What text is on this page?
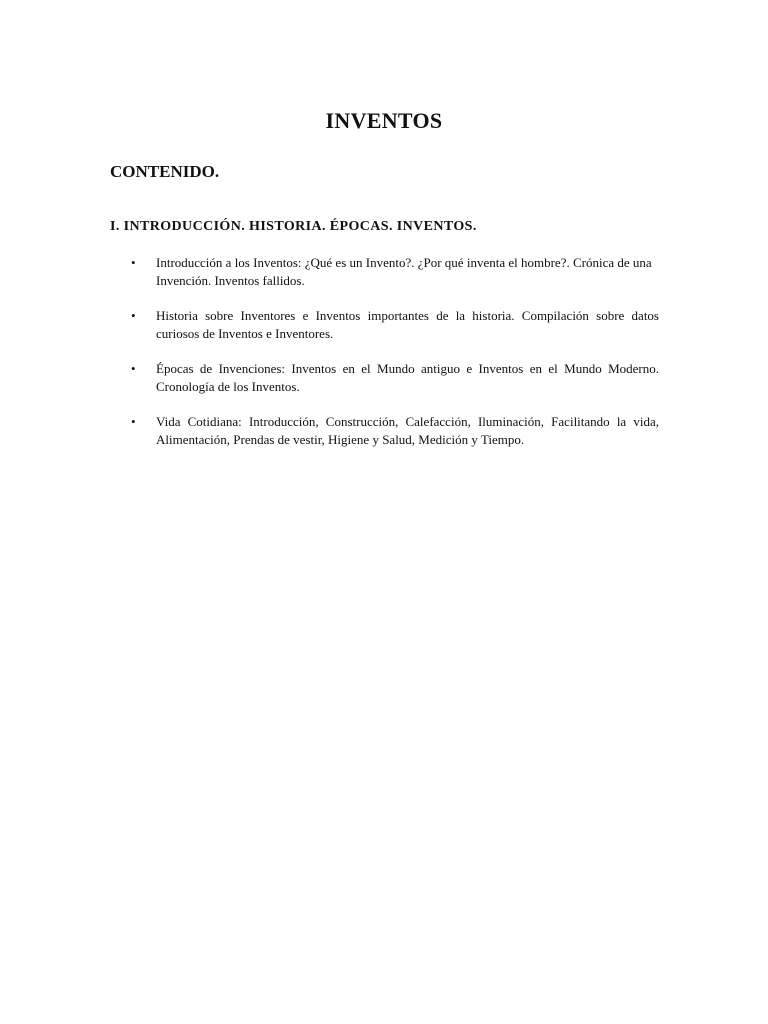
INVENTOS
CONTENIDO.
I. INTRODUCCIÓN. HISTORIA. ÉPOCAS. INVENTOS.
• Introducción a los Inventos: ¿Qué es un Invento?. ¿Por qué inventa el hombre?. Crónica de una Invención. Inventos fallidos.
• Historia sobre Inventores e Inventos importantes de la historia. Compilación sobre datos curiosos de Inventos e Inventores.
• Épocas de Invenciones: Inventos en el Mundo antiguo e Inventos en el Mundo Moderno. Cronología de los Inventos.
• Vida Cotidiana: Introducción, Construcción, Calefacción, Iluminación, Facilitando la vida, Alimentación, Prendas de vestir, Higiene y Salud, Medición y Tiempo.
